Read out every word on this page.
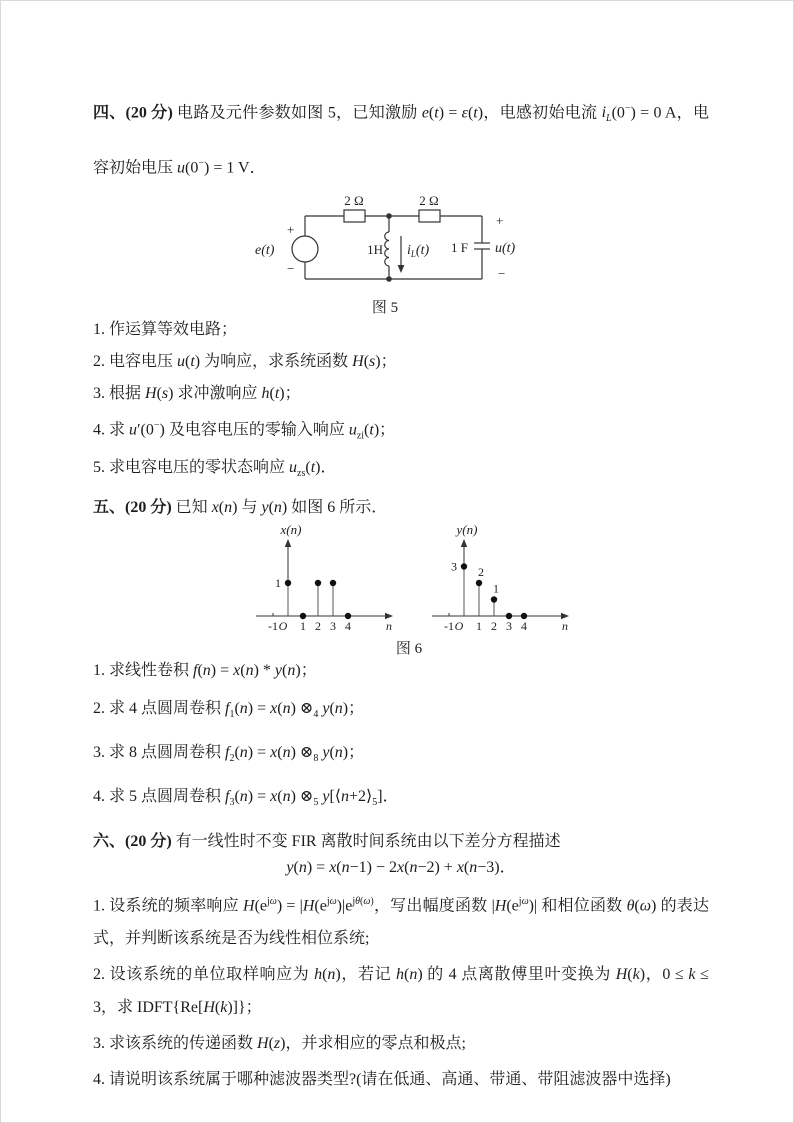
四、(20 分) 电路及元件参数如图 5，已知激励 e(t) = ε(t)，电感初始电流 $i_L(0^-) = 0$ A，电容初始电压 u(0−) = 1 V．

e(t)
+
−
2 Ω	2 Ω
1H $i_L(t)$ 1 F u(t)
+
−
图 5

1. 作运算等效电路；

2. 电容电压 u(t) 为响应，求系统函数 H(s)；

3. 根据 H(s) 求冲激响应 h(t)；

4. 求 u′(0−) 及电容电压的零输入响应 $u_{zi}(t)$；

5. 求电容电压的零状态响应 $u_{zs}(t)$．

五、(20 分) 已知 x(n) 与 y(n) 如图 6 所示．

-1 O 1 2 3 4	n
x(n)
1
-1 O 1 2 3 4	n
y(n)
3 2
1
图 6

1. 求线性卷积 f(n) = x(n) * y(n)；

2. 求 4 点圆周卷积 $f_1(n) = x(n)$ $\otimes_4$ y(n)；

3. 求 8 点圆周卷积 $f_2(n) = x(n)$ $\otimes_8$ y(n)；

4. 求 5 点圆周卷积 $f_3(n) = x(n)$ $\otimes_5$ $y[⟨n+2⟩_5]$．

六、(20 分) 有一线性时不变 FIR 离散时间系统由以下差分方程描述

y(n) = x(n−1) − 2x(n−2) + x(n−3)．

1. 设系统的频率响应 $H(e^{j\omega}) = |H(e^{j\omega})|e^{j\theta(\omega)}$，写出幅度函数 $|H(e^{j\omega})|$ 和相位函数 θ(ω) 的表达式，并判断该系统是否为线性相位系统;

2. 设该系统的单位取样响应为 h(n)，若记 h(n) 的 4 点离散傅里叶变换为 H(k)，0 ≤ k ≤ 3，求 IDFT{Re[H(k)]}；

3. 求该系统的传递函数 H(z)，并求相应的零点和极点;

4. 请说明该系统属于哪种滤波器类型?(请在低通、高通、带通、带阻滤波器中选择)
